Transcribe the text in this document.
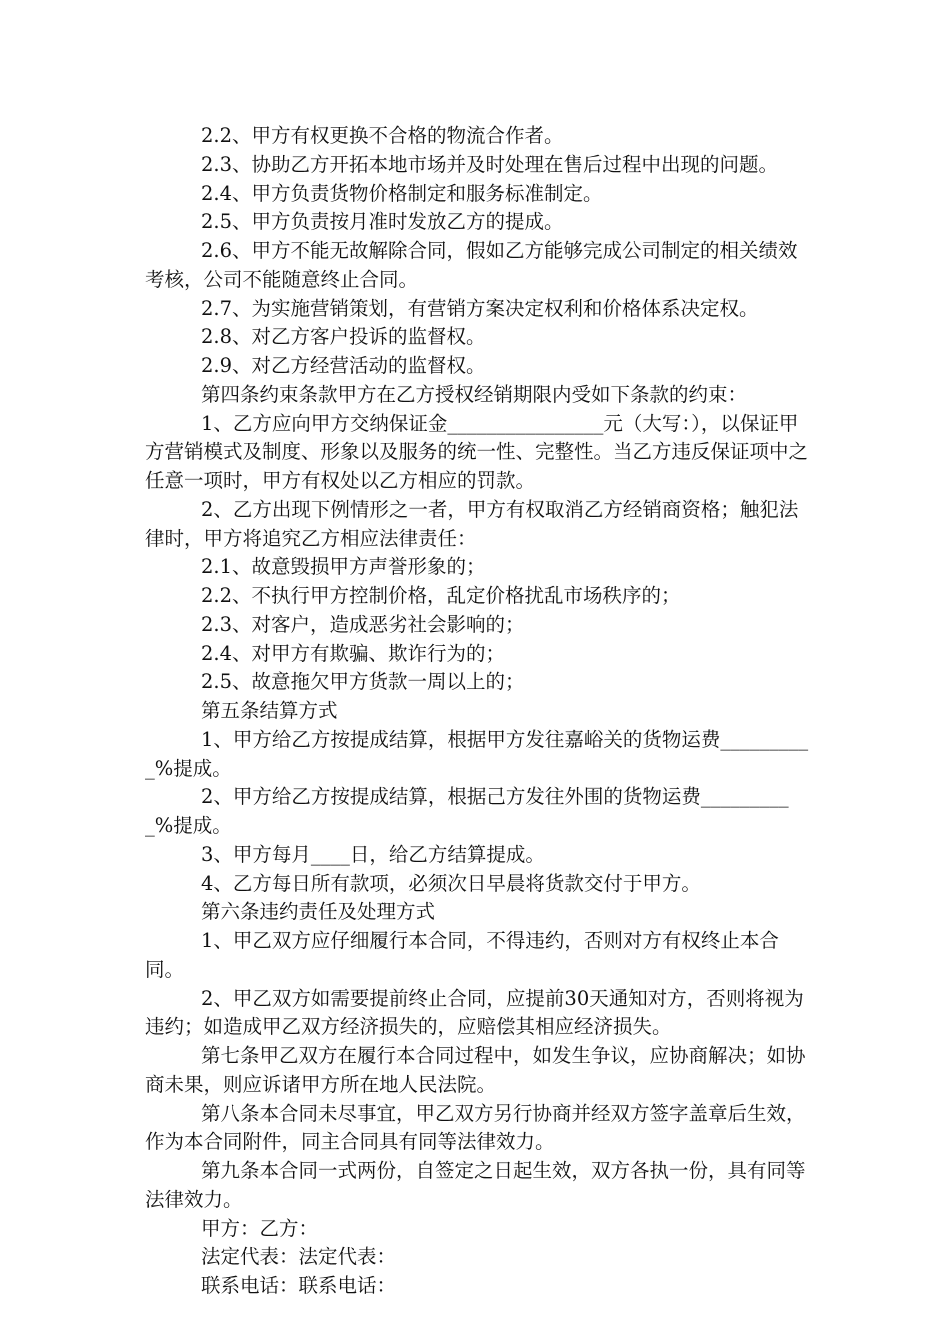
2.2、甲方有权更换不合格的物流合作者。

2.3、协助乙方开拓本地市场并及时处理在售后过程中出现的问题。

2.4、甲方负责货物价格制定和服务标准制定。

2.5、甲方负责按月准时发放乙方的提成。

2.6、甲方不能无故解除合同，假如乙方能够完成公司制定的相关绩效考核，公司不能随意终止合同。

2.7、为实施营销策划，有营销方案决定权利和价格体系决定权。

2.8、对乙方客户投诉的监督权。

2.9、对乙方经营活动的监督权。

第四条约束条款甲方在乙方授权经销期限内受如下条款的约束：

1、乙方应向甲方交纳保证金________________元（大写：），以保证甲方营销模式及制度、形象以及服务的统一性、完整性。当乙方违反保证项中之任意一项时，甲方有权处以乙方相应的罚款。

2、乙方出现下例情形之一者，甲方有权取消乙方经销商资格；触犯法律时，甲方将追究乙方相应法律责任：

2.1、故意毁损甲方声誉形象的；

2.2、不执行甲方控制价格，乱定价格扰乱市场秩序的；

2.3、对客户，造成恶劣社会影响的；

2.4、对甲方有欺骗、欺诈行为的；

2.5、故意拖欠甲方货款一周以上的；

第五条结算方式

1、甲方给乙方按提成结算，根据甲方发往嘉峪关的货物运费__________%提成。

2、甲方给乙方按提成结算，根据己方发往外围的货物运费__________%提成。

3、甲方每月____日，给乙方结算提成。

4、乙方每日所有款项，必须次日早晨将货款交付于甲方。

第六条违约责任及处理方式

1、甲乙双方应仔细履行本合同，不得违约，否则对方有权终止本合同。

2、甲乙双方如需要提前终止合同，应提前30天通知对方，否则将视为违约；如造成甲乙双方经济损失的，应赔偿其相应经济损失。

第七条甲乙双方在履行本合同过程中，如发生争议，应协商解决；如协商未果，则应诉诸甲方所在地人民法院。

第八条本合同未尽事宜，甲乙双方另行协商并经双方签字盖章后生效，作为本合同附件，同主合同具有同等法律效力。

第九条本合同一式两份，自签定之日起生效，双方各执一份，具有同等法律效力。

甲方：乙方：

法定代表：法定代表：

联系电话：联系电话：
